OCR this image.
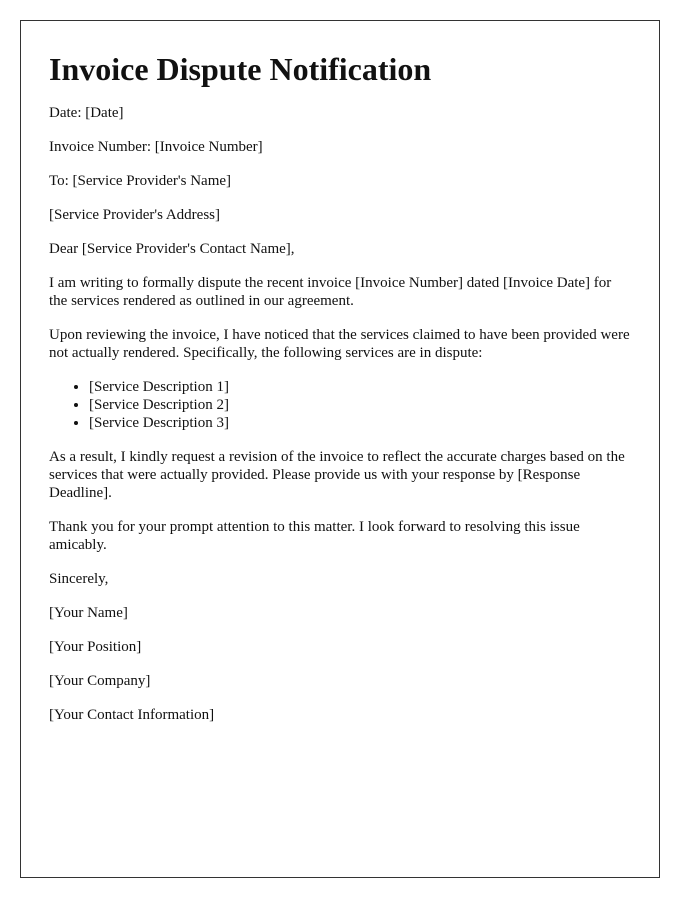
Invoice Dispute Notification

Date: [Date]

Invoice Number: [Invoice Number]

To: [Service Provider's Name]

[Service Provider's Address]

Dear [Service Provider's Contact Name],

I am writing to formally dispute the recent invoice [Invoice Number] dated [Invoice Date] for the services rendered as outlined in our agreement.

Upon reviewing the invoice, I have noticed that the services claimed to have been provided were not actually rendered. Specifically, the following services are in dispute:

• [Service Description 1]
• [Service Description 2]
• [Service Description 3]

As a result, I kindly request a revision of the invoice to reflect the accurate charges based on the services that were actually provided. Please provide us with your response by [Response Deadline].

Thank you for your prompt attention to this matter. I look forward to resolving this issue amicably.

Sincerely,

[Your Name]

[Your Position]

[Your Company]

[Your Contact Information]
